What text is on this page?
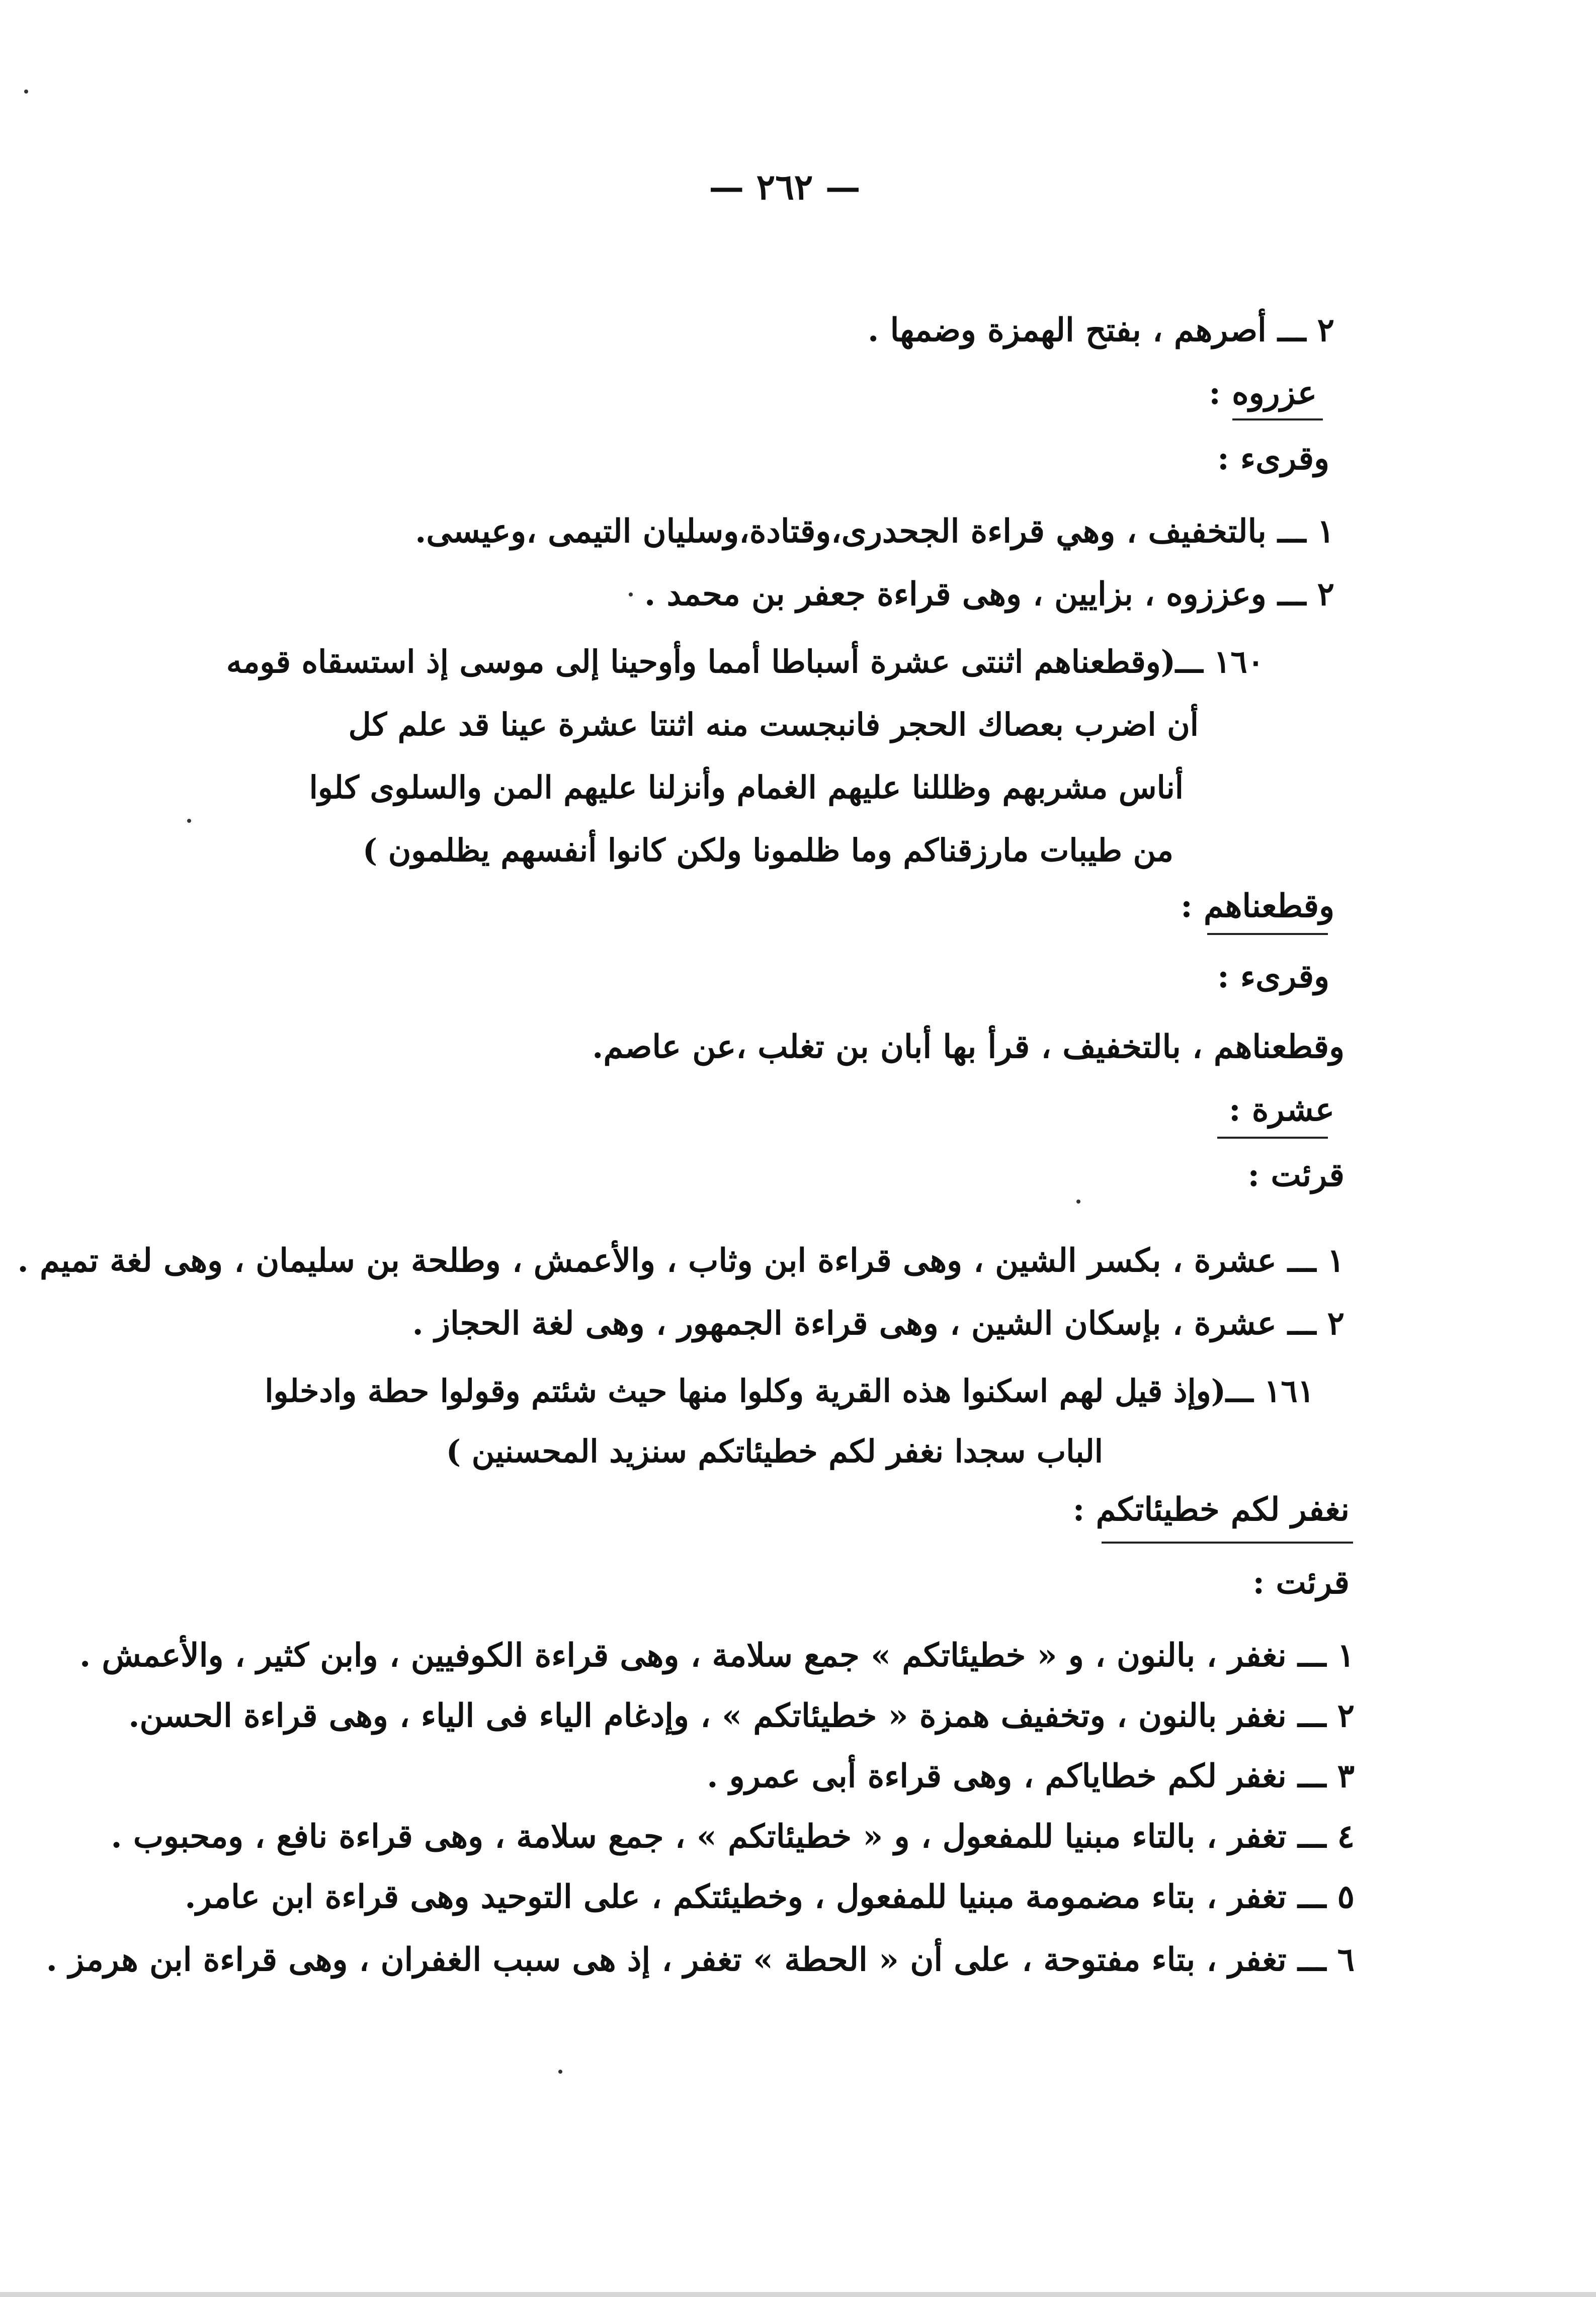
— ٢٦٢ —
٢ ـــ أصرهم ، بفتح الهمزة وضمها .
عزروه :
وقرىء :
١ ـــ بالتخفيف ، وهي قراءة الجحدرى،وقتادة،وسليان التيمى ،وعيسى.
٢ ـــ وعززوه ، بزايين ، وهى قراءة جعفر بن محمد .
١٦٠ ـــ(وقطعناهم اثنتى عشرة أسباطا أمما وأوحينا إلى موسى إذ استسقاه قومه
أن اضرب بعصاك الحجر فانبجست منه اثنتا عشرة عينا قد علم كل
أناس مشربهم وظللنا عليهم الغمام وأنزلنا عليهم المن والسلوى كلوا
من طيبات مارزقناكم وما ظلمونا ولكن كانوا أنفسهم يظلمون )
وقطعناهم :
وقرىء :
وقطعناهم ، بالتخفيف ، قرأ بها أبان بن تغلب ،عن عاصم.
عشرة :
قرئت :
١ ـــ عشرة ، بكسر الشين ، وهى قراءة ابن وثاب ، والأعمش ، وطلحة بن سليمان ، وهى لغة تميم .
٢ ـــ عشرة ، بإسكان الشين ، وهى قراءة الجمهور ، وهى لغة الحجاز .
١٦١ ـــ(وإذ قيل لهم اسكنوا هذه القرية وكلوا منها حيث شئتم وقولوا حطة وادخلوا
الباب سجدا نغفر لكم خطيئاتكم سنزيد المحسنين )
نغفر لكم خطيئاتكم :
قرئت :
١ ـــ نغفر ، بالنون ، و « خطيئاتكم » جمع سلامة ، وهى قراءة الكوفيين ، وابن كثير ، والأعمش .
٢ ـــ نغفر بالنون ، وتخفيف همزة « خطيئاتكم » ، وإدغام الياء فى الياء ، وهى قراءة الحسن.
٣ ـــ نغفر لكم خطاياكم ، وهى قراءة أبى عمرو .
٤ ـــ تغفر ، بالتاء مبنيا للمفعول ، و « خطيئاتكم » ، جمع سلامة ، وهى قراءة نافع ، ومحبوب .
٥ ـــ تغفر ، بتاء مضمومة مبنيا للمفعول ، وخطيئتكم ، على التوحيد وهى قراءة ابن عامر.
٦ ـــ تغفر ، بتاء مفتوحة ، على أن « الحطة » تغفر ، إذ هى سبب الغفران ، وهى قراءة ابن هرمز .
